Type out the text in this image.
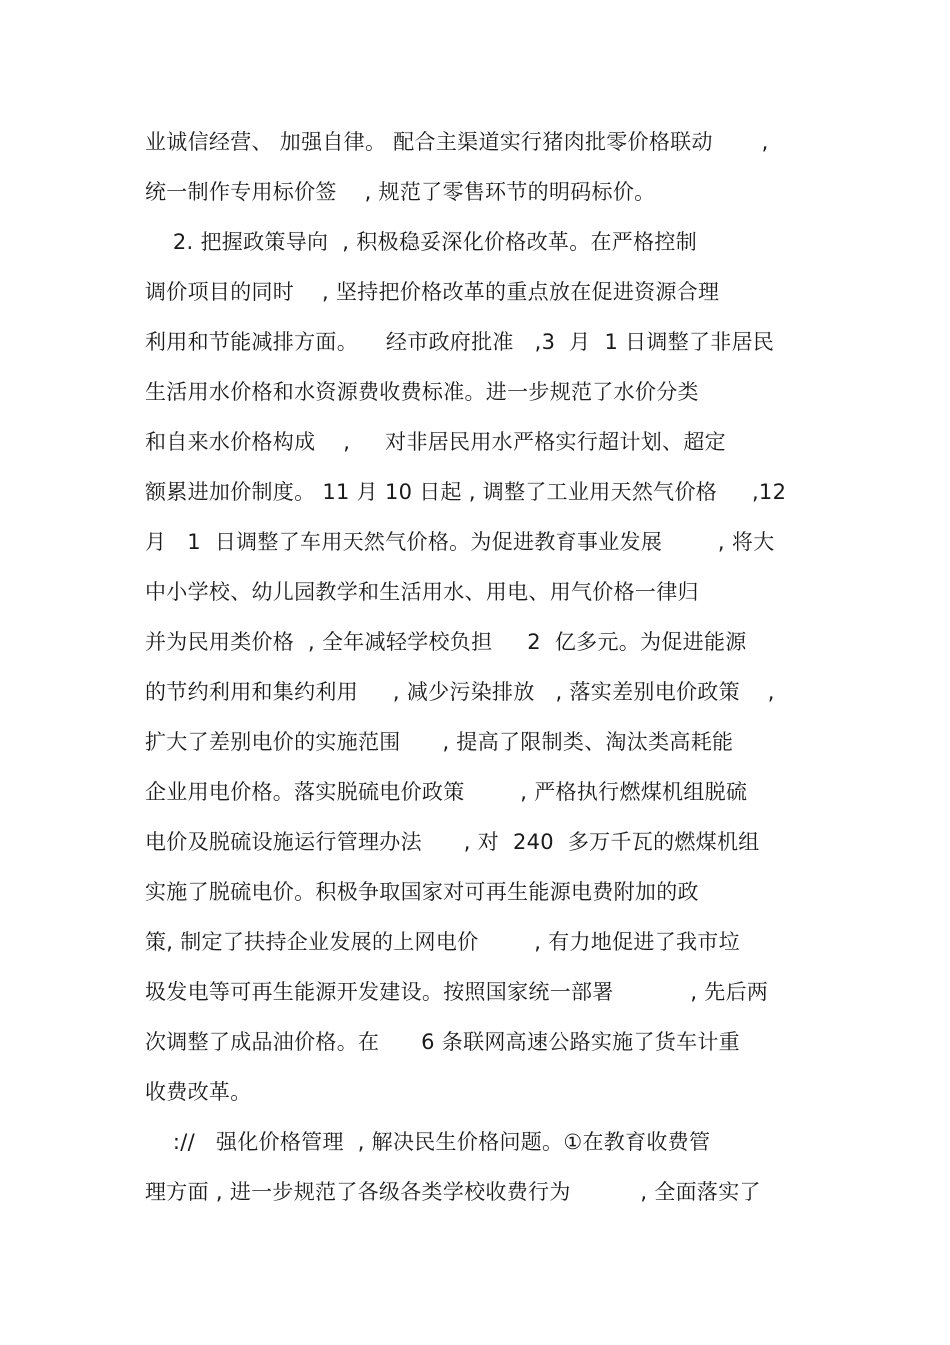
业诚信经营、 加强自律。 配合主渠道实行猪肉批零价格联动       ,
统一制作专用标价签    , 规范了零售环节的明码标价。
2. 把握政策导向  , 积极稳妥深化价格改革。在严格控制
调价项目的同时    , 坚持把价格改革的重点放在促进资源合理
利用和节能减排方面。    经市政府批准   ,3  月  1 日调整了非居民
生活用水价格和水资源费收费标准。进一步规范了水价分类
和自来水价格构成    ,     对非居民用水严格实行超计划、超定
额累进加价制度。 11 月 10 日起 , 调整了工业用天然气价格     ,12
月   1  日调整了车用天然气价格。为促进教育事业发展        , 将大
中小学校、幼儿园教学和生活用水、用电、用气价格一律归
并为民用类价格  , 全年减轻学校负担     2  亿多元。为促进能源
的节约利用和集约利用     , 减少污染排放   , 落实差别电价政策    ,
扩大了差别电价的实施范围      , 提高了限制类、淘汰类高耗能
企业用电价格。落实脱硫电价政策        , 严格执行燃煤机组脱硫
电价及脱硫设施运行管理办法      , 对  240  多万千瓦的燃煤机组
实施了脱硫电价。积极争取国家对可再生能源电费附加的政
策, 制定了扶持企业发展的上网电价        , 有力地促进了我市垃
圾发电等可再生能源开发建设。按照国家统一部署           , 先后两
次调整了成品油价格。在      6 条联网高速公路实施了货车计重
收费改革。
://   强化价格管理  , 解决民生价格问题。①在教育收费管
理方面 , 进一步规范了各级各类学校收费行为          , 全面落实了
